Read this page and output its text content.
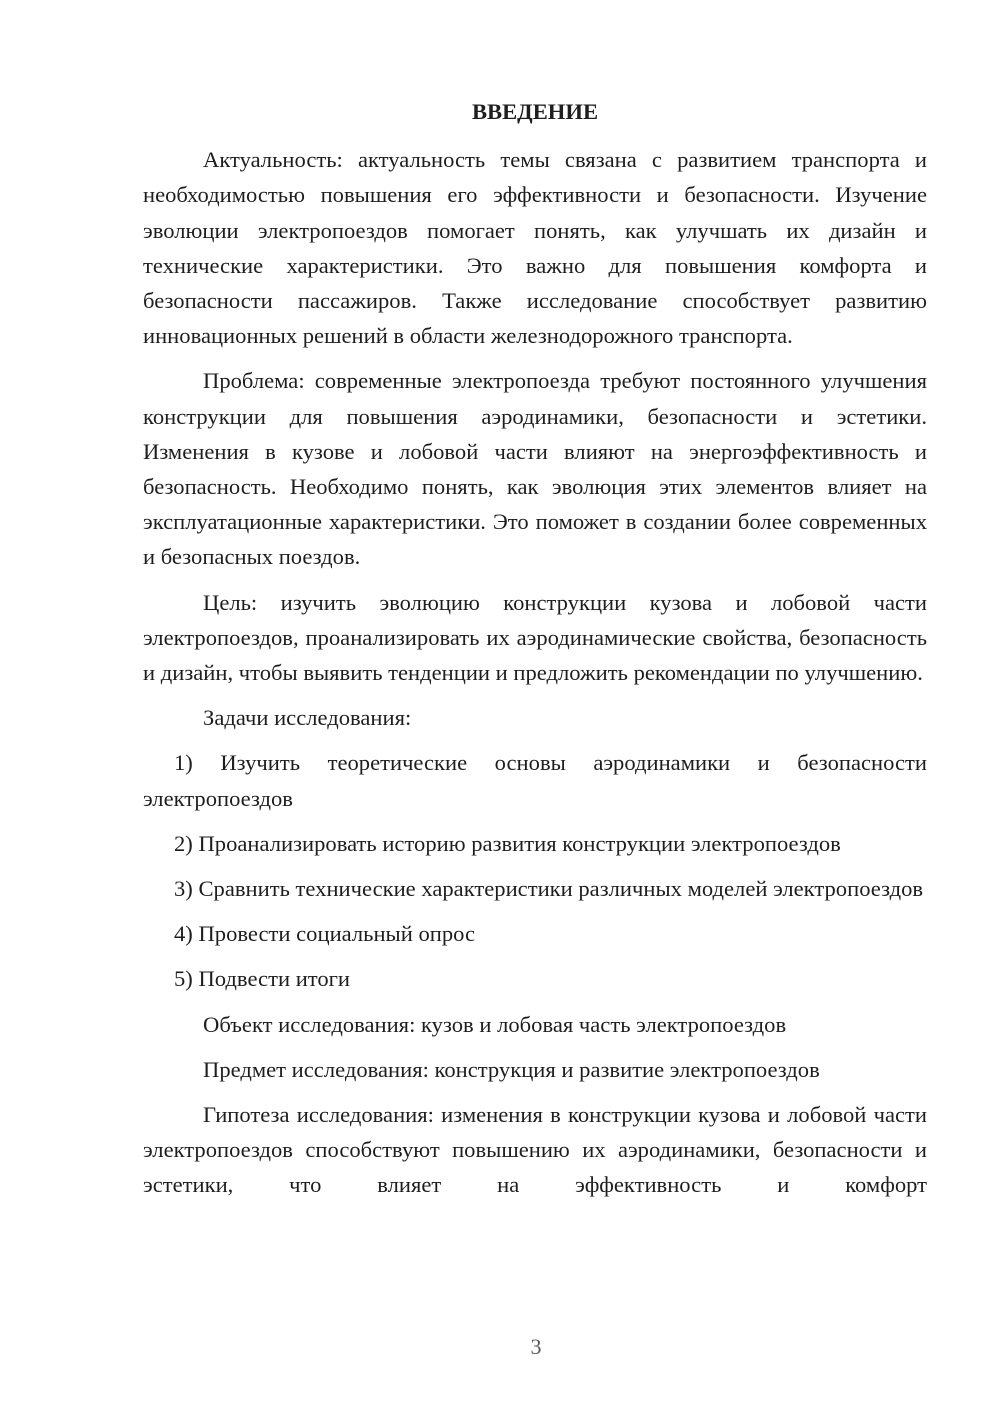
ВВЕДЕНИЕ

Актуальность: актуальность темы связана с развитием транспорта и необходимостью повышения его эффективности и безопасности. Изучение эволюции электропоездов помогает понять, как улучшать их дизайн и технические характеристики. Это важно для повышения комфорта и безопасности пассажиров. Также исследование способствует развитию инновационных решений в области железнодорожного транспорта.

Проблема: современные электропоезда требуют постоянного улучшения конструкции для повышения аэродинамики, безопасности и эстетики. Изменения в кузове и лобовой части влияют на энергоэффективность и безопасность. Необходимо понять, как эволюция этих элементов влияет на эксплуатационные характеристики. Это поможет в создании более современных и безопасных поездов.

Цель: изучить эволюцию конструкции кузова и лобовой части электропоездов, проанализировать их аэродинамические свойства, безопасность и дизайн, чтобы выявить тенденции и предложить рекомендации по улучшению.

Задачи исследования:

1) Изучить теоретические основы аэродинамики и безопасности электропоездов

2) Проанализировать историю развития конструкции электропоездов

3) Сравнить технические характеристики различных моделей электропоездов

4) Провести социальный опрос

5) Подвести итоги

Объект исследования: кузов и лобовая часть электропоездов

Предмет исследования: конструкция и развитие электропоездов

Гипотеза исследования: изменения в конструкции кузова и лобовой части электропоездов способствуют повышению их аэродинамики, безопасности и эстетики, что влияет на эффективность и комфорт

3
